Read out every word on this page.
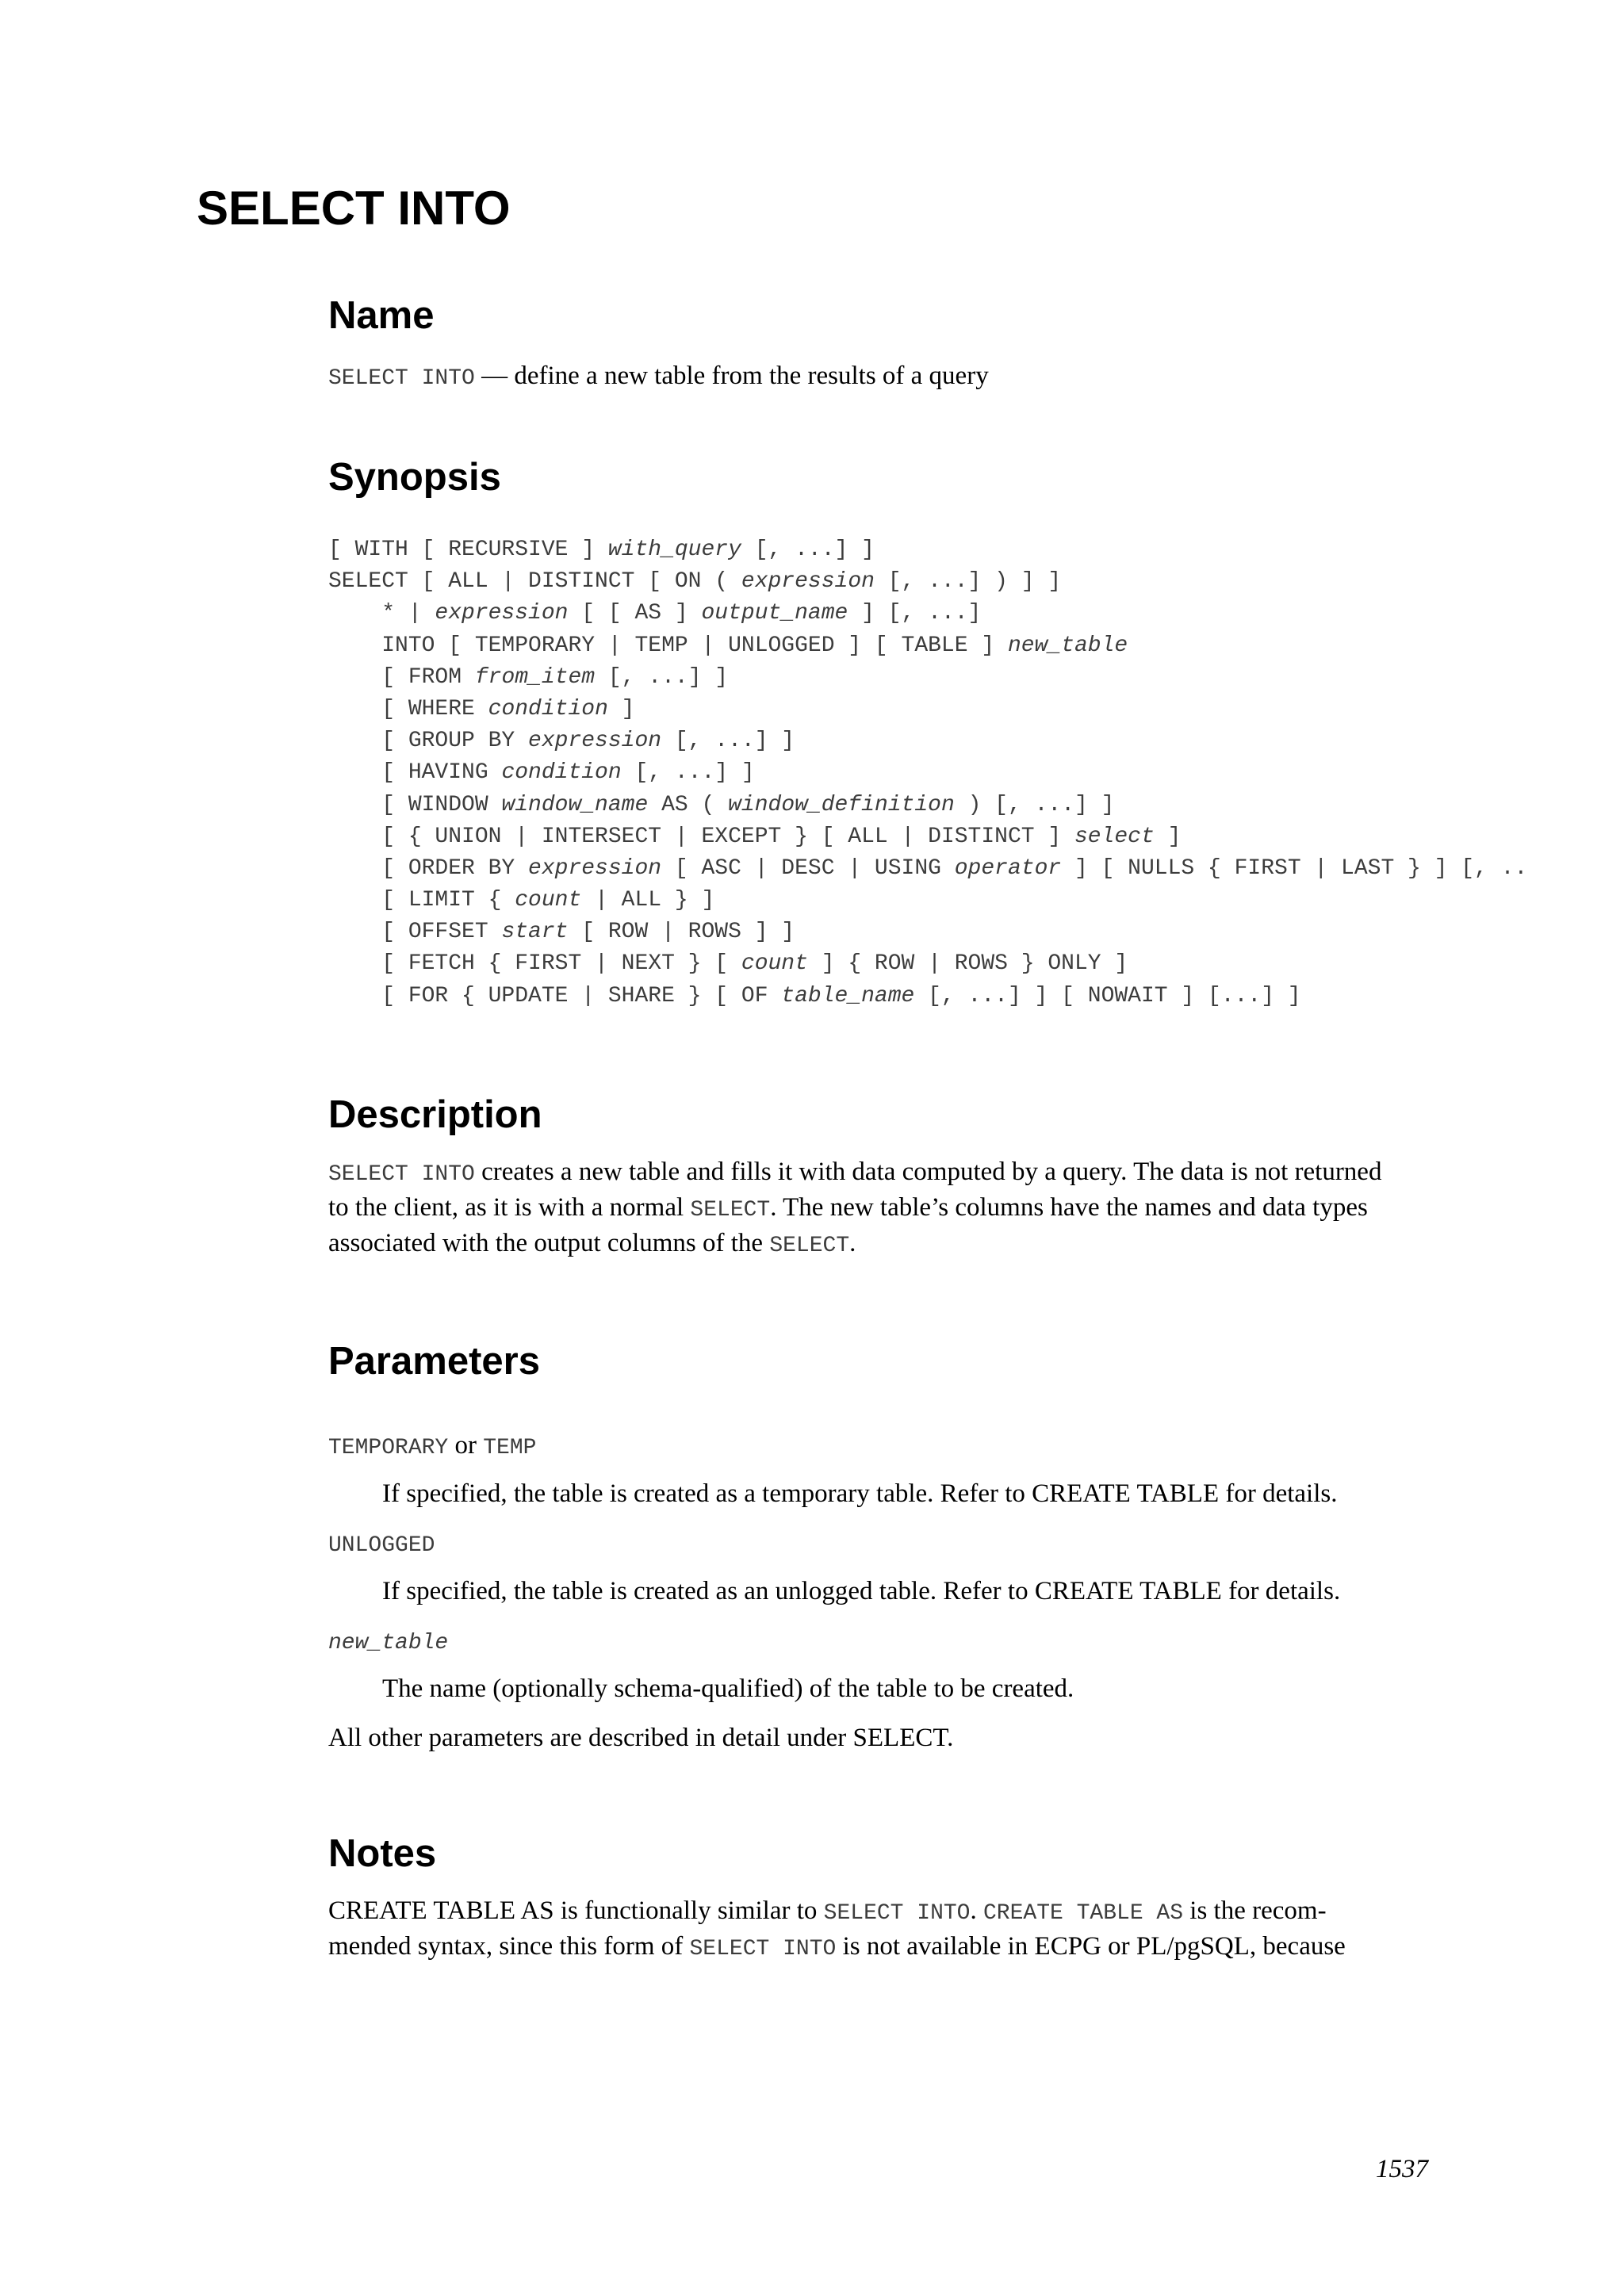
SELECT INTO
Name
SELECT INTO — define a new table from the results of a query
Synopsis
[ WITH [ RECURSIVE ] with_query [, ...] ]
SELECT [ ALL | DISTINCT [ ON ( expression [, ...] ) ] ]
* | expression [ [ AS ] output_name ] [, ...]
INTO [ TEMPORARY | TEMP | UNLOGGED ] [ TABLE ] new_table
[ FROM from_item [, ...] ]
[ WHERE condition ]
[ GROUP BY expression [, ...] ]
[ HAVING condition [, ...] ]
[ WINDOW window_name AS ( window_definition ) [, ...] ]
[ { UNION | INTERSECT | EXCEPT } [ ALL | DISTINCT ] select ]
[ ORDER BY expression [ ASC | DESC | USING operator ] [ NULLS { FIRST | LAST } ] [, ..
[ LIMIT { count | ALL } ]
[ OFFSET start [ ROW | ROWS ] ]
[ FETCH { FIRST | NEXT } [ count ] { ROW | ROWS } ONLY ]
[ FOR { UPDATE | SHARE } [ OF table_name [, ...] ] [ NOWAIT ] [...] ]
Description
SELECT INTO creates a new table and fills it with data computed by a query. The data is not returned
to the client, as it is with a normal SELECT. The new table’s columns have the names and data types
associated with the output columns of the SELECT.
Parameters
TEMPORARY or TEMP
If specified, the table is created as a temporary table. Refer to CREATE TABLE for details.
UNLOGGED
If specified, the table is created as an unlogged table. Refer to CREATE TABLE for details.
new_table
The name (optionally schema-qualified) of the table to be created.
All other parameters are described in detail under SELECT.
Notes
CREATE TABLE AS is functionally similar to SELECT INTO. CREATE TABLE AS is the recom-
mended syntax, since this form of SELECT INTO is not available in ECPG or PL/pgSQL, because
1537
